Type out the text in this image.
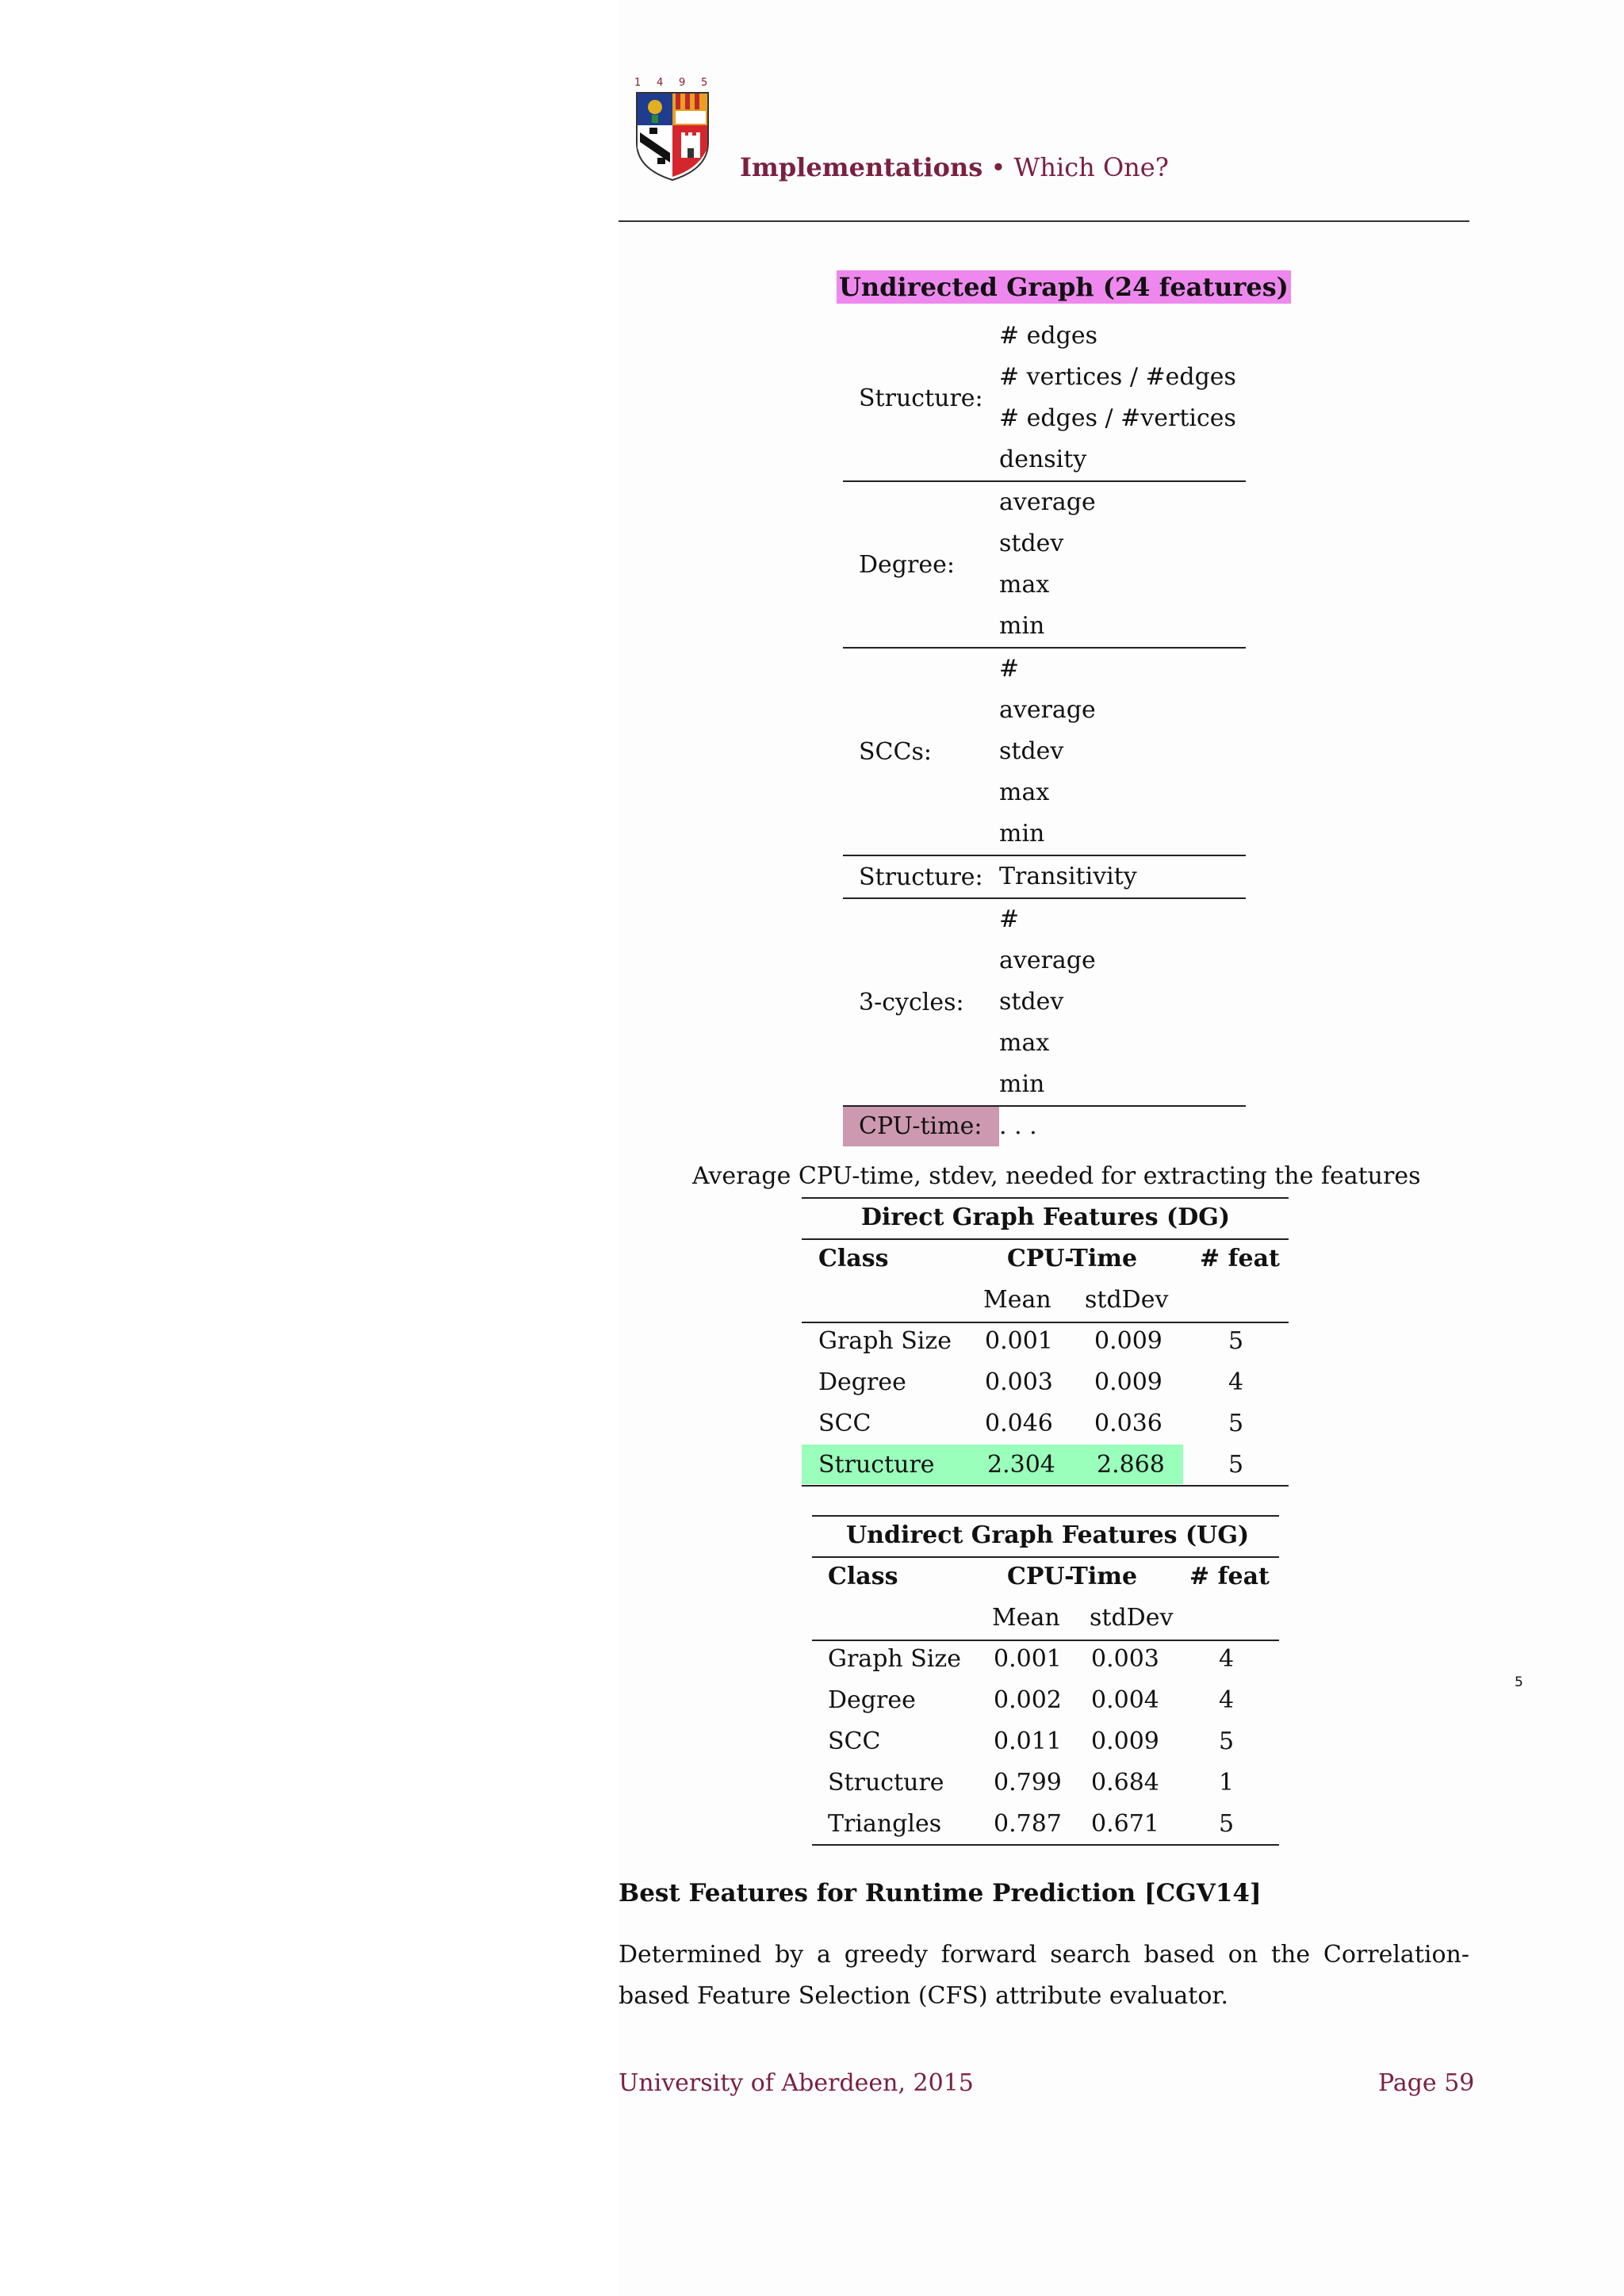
1 4 9 5
Implementations • Which One?
Undirected Graph (24 features)
Structure:
# edges
# vertices / #edges
# edges / #vertices
density
Degree:
average
stdev
max
min
SCCs:
#
average
stdev
max
min
Structure: Transitivity
3-cycles:
#
average
stdev
max
min
CPU-time: . . .
Average CPU-time, stdev, needed for extracting the features
Direct Graph Features (DG)
Class	CPU-Time	# feat
Mean stdDev
Graph Size 0.001 0.009	5
Degree	0.003 0.009	4
SCC	0.046 0.036	5
Structure 2.304 2.868	5
Undirect Graph Features (UG)
Class	CPU-Time # feat
Mean stdDev
Graph Size 0.001 0.003	4
Degree	0.002 0.004	4
SCC	0.011 0.009	5
Structure 0.799 0.684	1
Triangles 0.787 0.671	5
Best Features for Runtime Prediction [CGV14]
Determined by a greedy forward search based on the Correlation-based Feature Selection (CFS) attribute evaluator.
5
University of Aberdeen, 2015	Page 59
